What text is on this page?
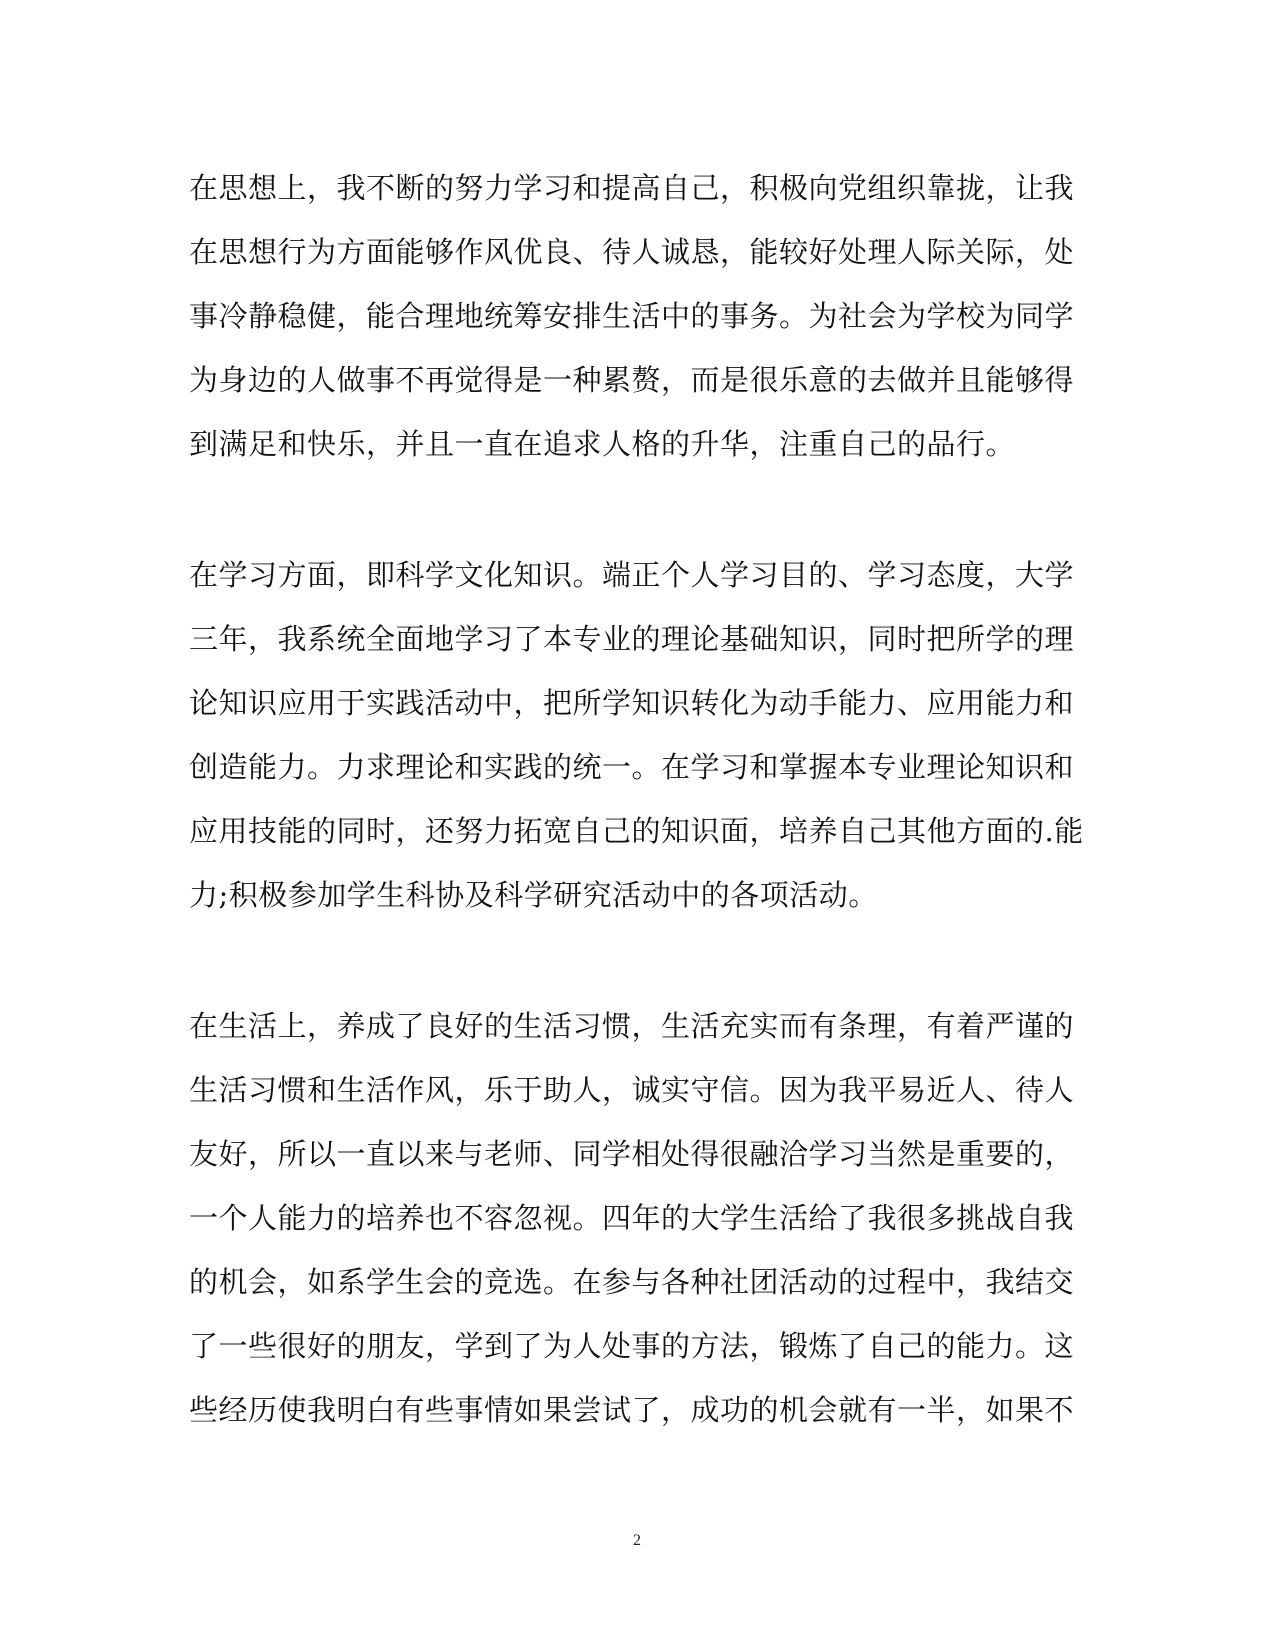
在思想上，我不断的努力学习和提高自己，积极向党组织靠拢，让我
在思想行为方面能够作风优良、待人诚恳，能较好处理人际关际，处
事冷静稳健，能合理地统筹安排生活中的事务。为社会为学校为同学
为身边的人做事不再觉得是一种累赘，而是很乐意的去做并且能够得
到满足和快乐，并且一直在追求人格的升华，注重自己的品行。
在学习方面，即科学文化知识。端正个人学习目的、学习态度，大学
三年，我系统全面地学习了本专业的理论基础知识，同时把所学的理
论知识应用于实践活动中，把所学知识转化为动手能力、应用能力和
创造能力。力求理论和实践的统一。在学习和掌握本专业理论知识和
应用技能的同时，还努力拓宽自己的知识面，培养自己其他方面的.能
力;积极参加学生科协及科学研究活动中的各项活动。
在生活上，养成了良好的生活习惯，生活充实而有条理，有着严谨的
生活习惯和生活作风，乐于助人，诚实守信。因为我平易近人、待人
友好，所以一直以来与老师、同学相处得很融洽学习当然是重要的，
一个人能力的培养也不容忽视。四年的大学生活给了我很多挑战自我
的机会，如系学生会的竞选。在参与各种社团活动的过程中，我结交
了一些很好的朋友，学到了为人处事的方法，锻炼了自己的能力。这
些经历使我明白有些事情如果尝试了，成功的机会就有一半，如果不
2
